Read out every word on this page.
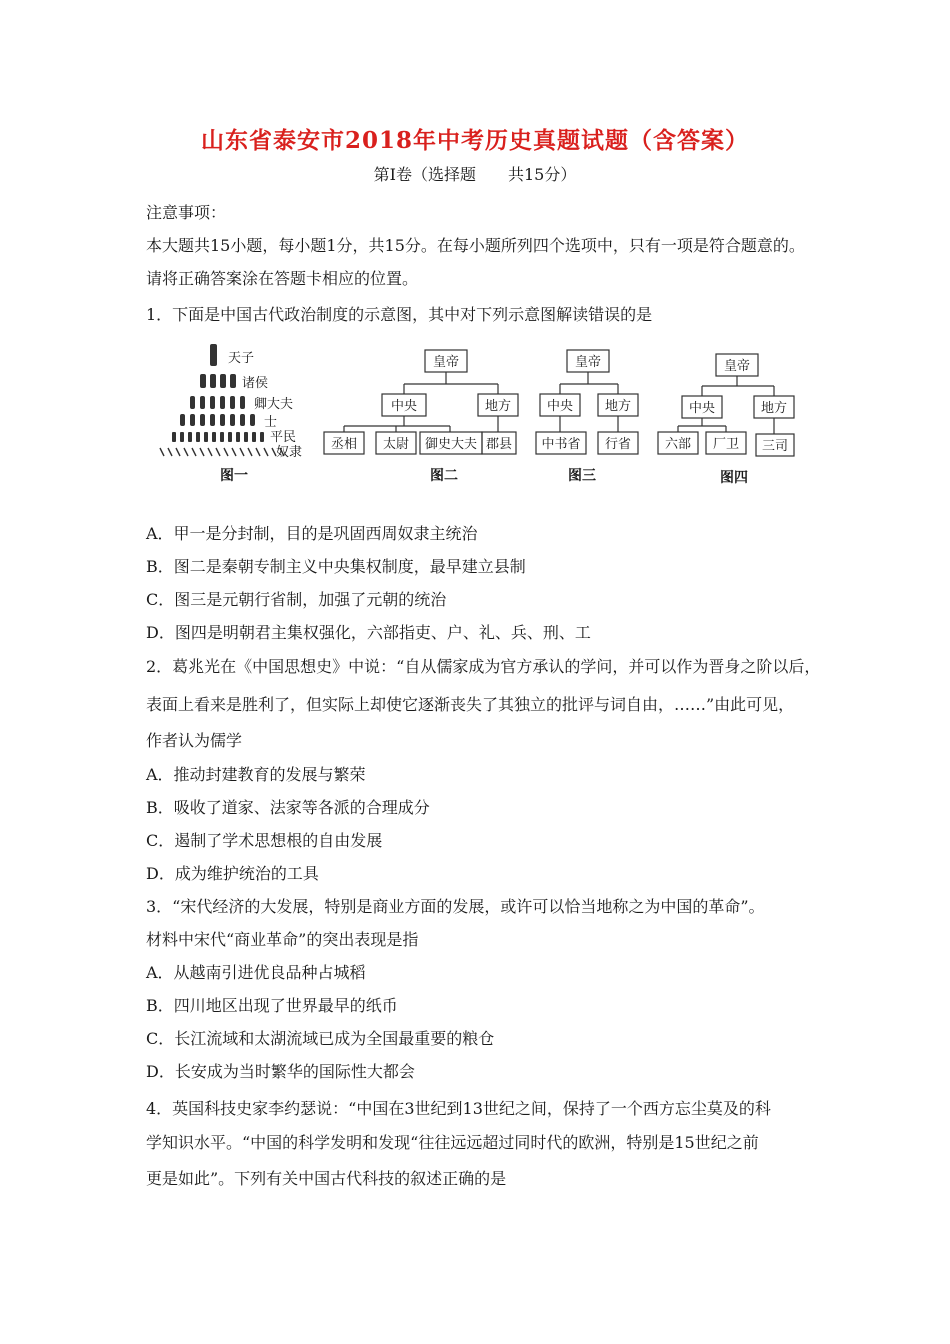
山东省泰安市2018年中考历史真题试题（含答案）
第Ⅰ卷（选择题　　共15分）
注意事项：
本大题共15小题，每小题1分，共15分。在每小题所列四个选项中，只有一项是符合题意的。
请将正确答案涂在答题卡相应的位置。
1．下面是中国古代政治制度的示意图，其中对下列示意图解读错误的是
天子
诸侯
卿大夫
士
平民
奴隶
图一
皇帝
中央	地方
丞相 太尉 御史大夫 郡县
图二
皇帝
中央 地方
中书省 行省
图三
皇帝
中央	地方
六部 厂卫 三司
图四
A．甲一是分封制，目的是巩固西周奴隶主统治
B．图二是秦朝专制主义中央集权制度，最早建立县制
C．图三是元朝行省制，加强了元朝的统治
D．图四是明朝君主集权强化，六部指吏、户、礼、兵、刑、工
2．葛兆光在《中国思想史》中说：“自从儒家成为官方承认的学问，并可以作为晋身之阶以后，
表面上看来是胜利了，但实际上却使它逐渐丧失了其独立的批评与词自由，……”由此可见，
作者认为儒学
A．推动封建教育的发展与繁荣
B．吸收了道家、法家等各派的合理成分
C．遏制了学术思想根的自由发展
D．成为维护统治的工具
3．“宋代经济的大发展，特别是商业方面的发展，或许可以恰当地称之为中国的革命”。
材料中宋代“商业革命”的突出表现是指
A．从越南引进优良品种占城稻
B．四川地区出现了世界最早的纸币
C．长江流域和太湖流域已成为全国最重要的粮仓
D．长安成为当时繁华的国际性大都会
4．英国科技史家李约瑟说：“中国在3世纪到13世纪之间，保持了一个西方忘尘莫及的科
学知识水平。“中国的科学发明和发现“往往远远超过同时代的欧洲，特别是15世纪之前
更是如此”。下列有关中国古代科技的叙述正确的是
